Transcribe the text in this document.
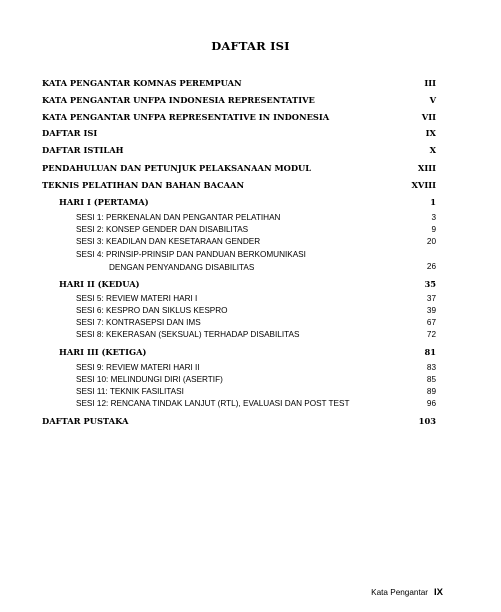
DAFTAR ISI
KATA PENGANTAR KOMNAS PEREMPUAN	III
KATA PENGANTAR UNFPA INDONESIA REPRESENTATIVE	V
KATA PENGANTAR UNFPA REPRESENTATIVE IN INDONESIA	VII
DAFTAR ISI	IX
DAFTAR ISTILAH	X
PENDAHULUAN DAN PETUNJUK PELAKSANAAN MODUL	XIII
TEKNIS PELATIHAN DAN BAHAN BACAAN	XVIII
HARI I (PERTAMA)	1
SESI 1: PERKENALAN DAN PENGANTAR PELATIHAN	3
SESI 2: KONSEP GENDER DAN DISABILITAS	9
SESI 3: KEADILAN DAN KESETARAAN GENDER	20
SESI 4: PRINSIP-PRINSIP DAN PANDUAN BERKOMUNIKASI
DENGAN PENYANDANG DISABILITAS	26
HARI II (KEDUA)	35
SESI 5: REVIEW MATERI HARI I	37
SESI 6: KESPRO DAN SIKLUS KESPRO	39
SESI 7: KONTRASEPSI DAN IMS	67
SESI 8: KEKERASAN (SEKSUAL) TERHADAP DISABILITAS	72
HARI III (KETIGA)	81
SESI 9: REVIEW MATERI HARI II	83
SESI 10: MELINDUNGI DIRI (ASERTIF)	85
SESI 11: TEKNIK FASILITASI	89
SESI 12: RENCANA TINDAK LANJUT (RTL), EVALUASI DAN POST TEST	96
DAFTAR PUSTAKA	103
Kata Pengantar IX
